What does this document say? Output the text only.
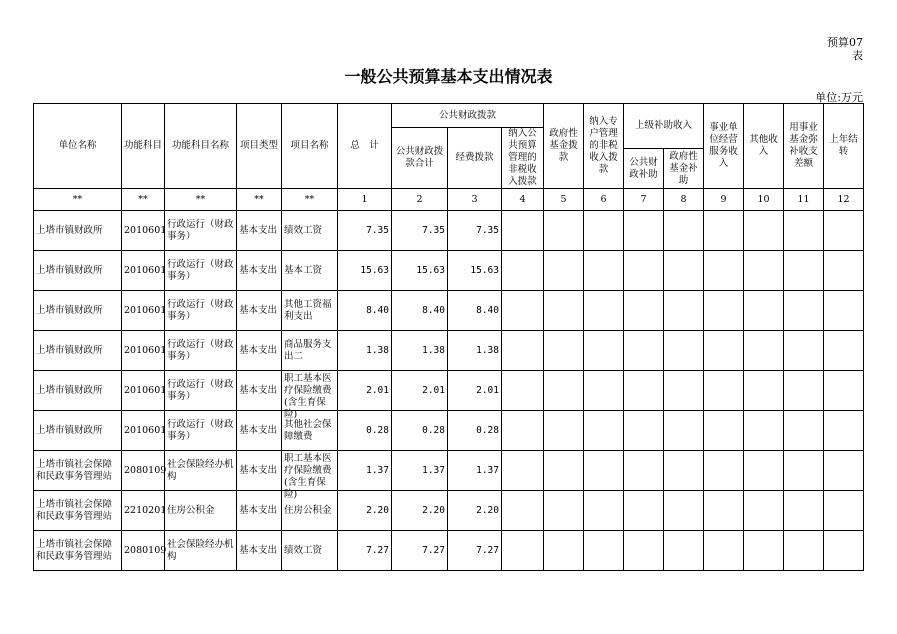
预算07
表
一般公共预算基本支出情况表
单位:万元
单位名称	功能科目	功能科目名称	项目类型	项目名称	总　计	公共财政拨款			政府性基金拨款	纳入专户管理的非税收入拨款	上级补助收入		事业单位经营服务收入	其他收入	用事业基金弥补收支差额	上年结转
						公共财政拨款合计	经费拨款	纳入公共预算管理的非税收入拨款								
											公共财政补助	政府性基金补助				
**	**	**	**	**	1	2	3	4	5	6	7	8	9	10	11	12

上塔市镇财政所	2010601	行政运行（财政事务）	基本支出	绩效工资	7.35	7.35	7.35									

上塔市镇财政所	2010601	行政运行（财政事务）	基本支出	基本工资	15.63	15.63	15.63									

上塔市镇财政所	2010601	行政运行（财政事务）	基本支出	其他工资福利支出	8.40	8.40	8.40									

上塔市镇财政所	2010601	行政运行（财政事务）	基本支出	商品服务支出二	1.38	1.38	1.38									

上塔市镇财政所	2010601	行政运行（财政事务）	基本支出	职工基本医疗保险缴费(含生育保险)	2.01	2.01	2.01									

上塔市镇财政所	2010601	行政运行（财政事务）	基本支出	其他社会保障缴费	0.28	0.28	0.28									

上塔市镇社会保障和民政事务管理站	2080109	社会保险经办机构	基本支出	职工基本医疗保险缴费(含生育保险)	1.37	1.37	1.37									

上塔市镇社会保障和民政事务管理站	2210201	住房公积金	基本支出	住房公积金	2.20	2.20	2.20									

上塔市镇社会保障和民政事务管理站	2080109	社会保险经办机构	基本支出	绩效工资	7.27	7.27	7.27									
